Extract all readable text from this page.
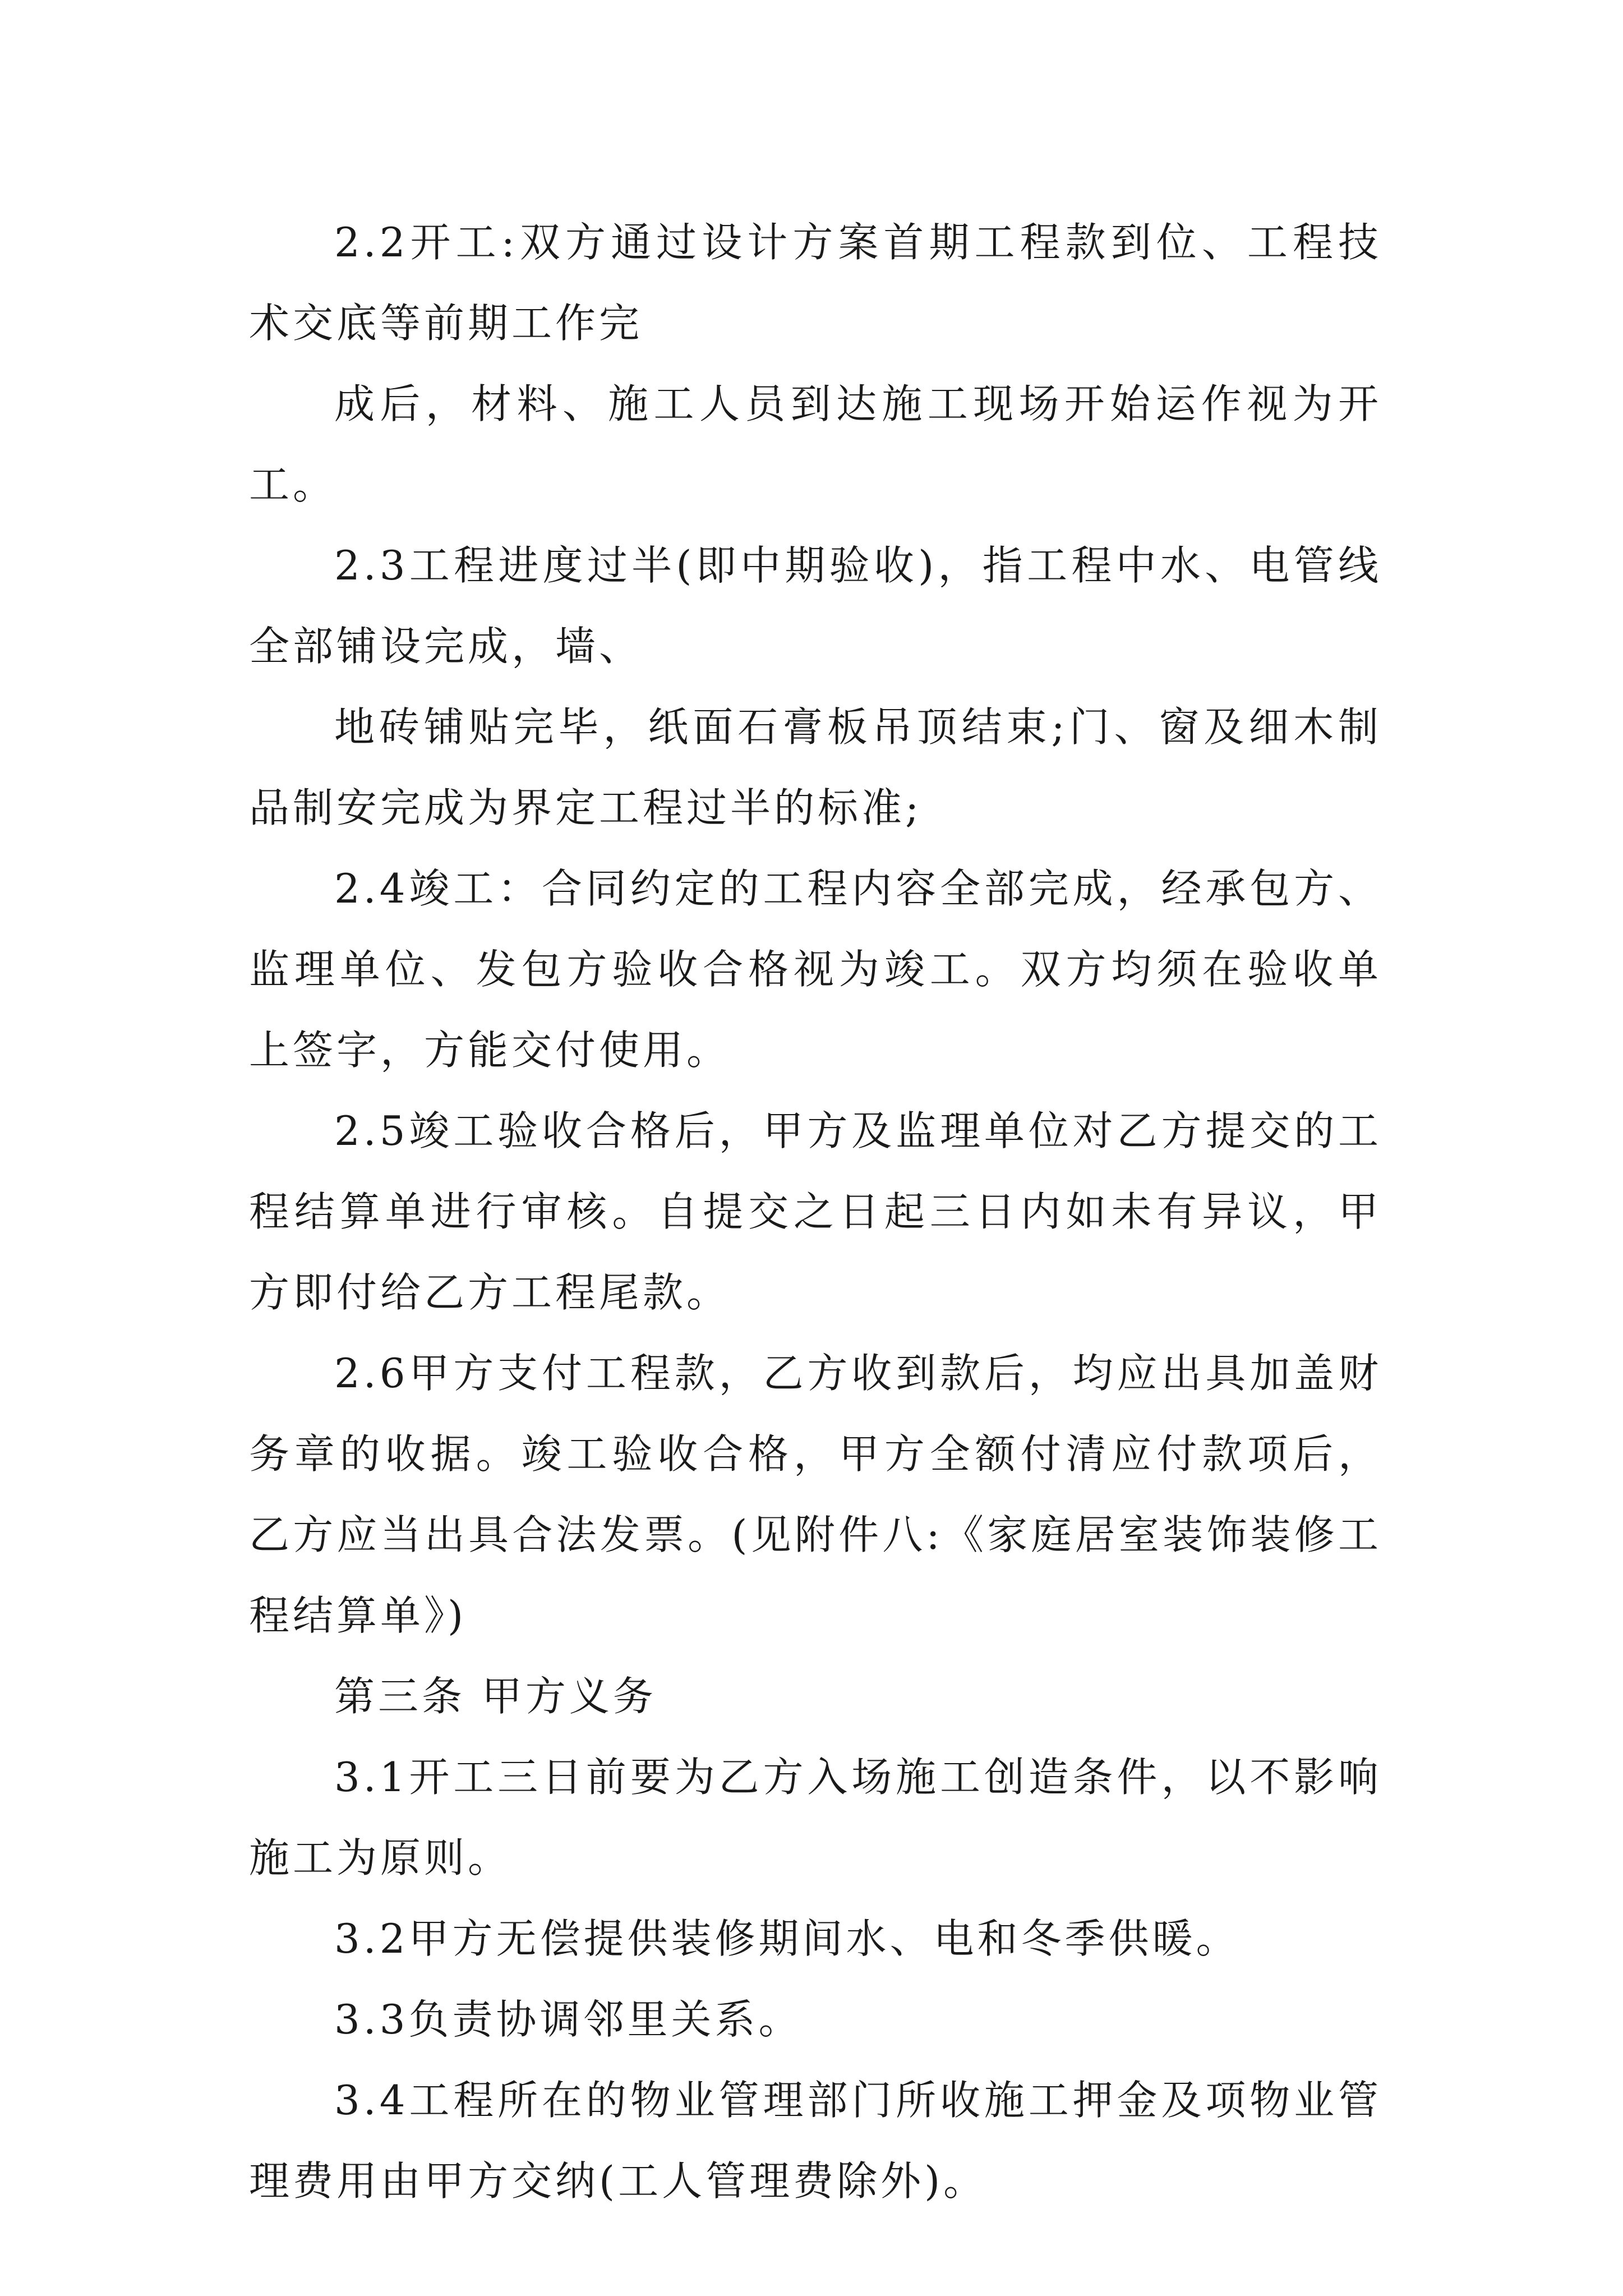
2.2开工:双方通过设计方案首期工程款到位、工程技术交底等前期工作完

成后，材料、施工人员到达施工现场开始运作视为开工。

2.3工程进度过半(即中期验收)，指工程中水、电管线全部铺设完成，墙、

地砖铺贴完毕，纸面石膏板吊顶结束;门、窗及细木制品制安完成为界定工程过半的标准;

2.4竣工：合同约定的工程内容全部完成，经承包方、监理单位、发包方验收合格视为竣工。双方均须在验收单上签字，方能交付使用。

2.5竣工验收合格后，甲方及监理单位对乙方提交的工程结算单进行审核。自提交之日起三日内如未有异议，甲方即付给乙方工程尾款。

2.6甲方支付工程款，乙方收到款后，均应出具加盖财务章的收据。竣工验收合格，甲方全额付清应付款项后，乙方应当出具合法发票。(见附件八:《家庭居室装饰装修工程结算单》)

第三条 甲方义务

3.1开工三日前要为乙方入场施工创造条件，以不影响施工为原则。

3.2甲方无偿提供装修期间水、电和冬季供暖。

3.3负责协调邻里关系。

3.4工程所在的物业管理部门所收施工押金及项物业管理费用由甲方交纳(工人管理费除外)。
